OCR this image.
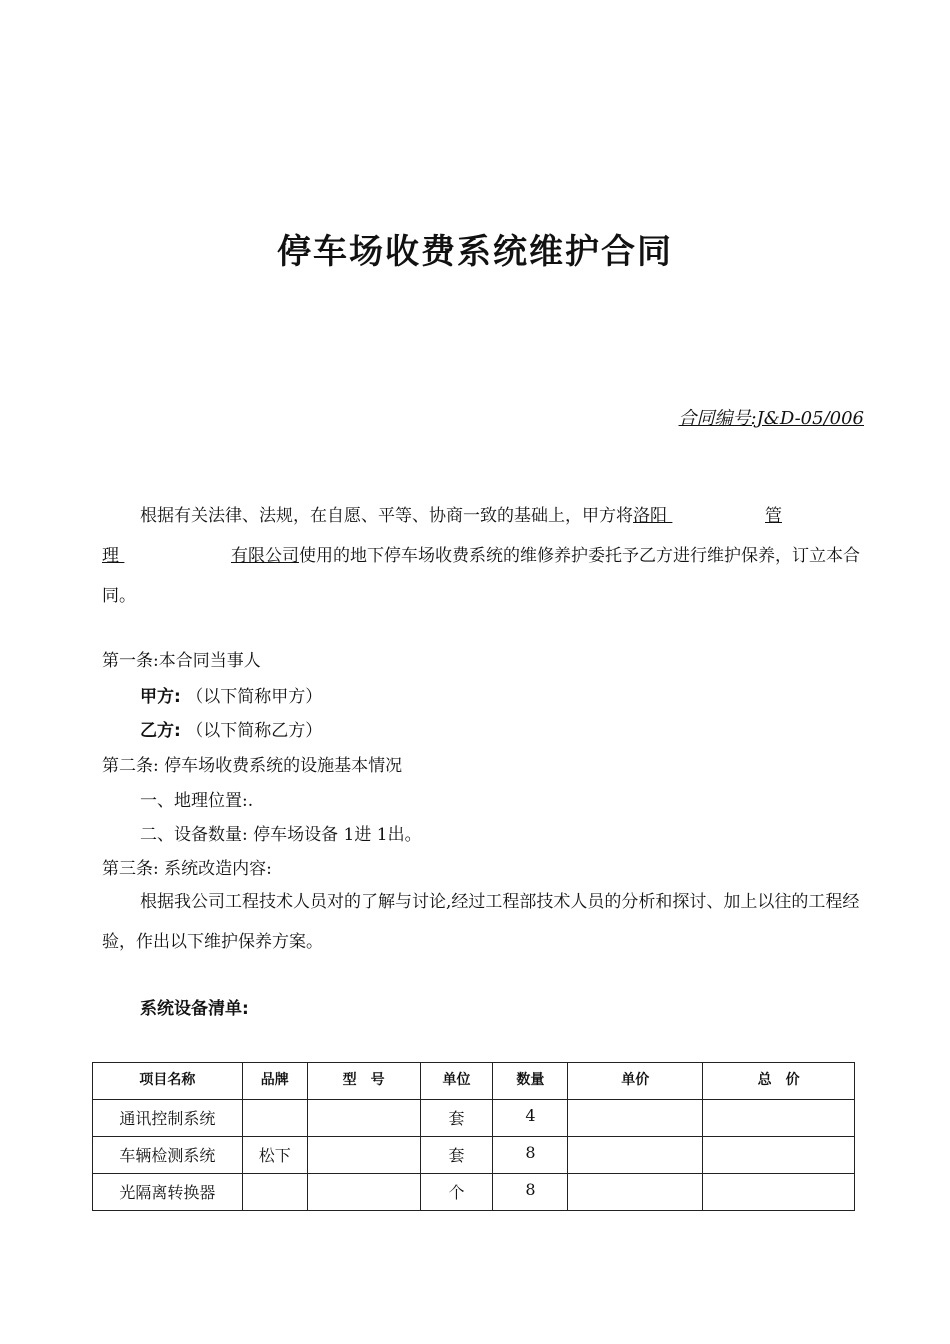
停车场收费系统维护合同
合同编号:J&D-05/006
根据有关法律、法规，在自愿、平等、协商一致的基础上，甲方将洛阳	管
理	有限公司使用的地下停车场收费系统的维修养护委托予乙方进行维护保养，订立本合同。
第一条:本合同当事人
甲方: （以下简称甲方）
乙方: （以下简称乙方）
第二条: 停车场收费系统的设施基本情况
一、地理位置:.
二、设备数量: 停车场设备 1进 1出。
第三条: 系统改造内容:
根据我公司工程技术人员对的了解与讨论,经过工程部技术人员的分析和探讨、加上以往的工程经验，作出以下维护保养方案。
系统设备清单:
项目名称	品牌	型　号	单位	数量	单价	总　价
通讯控制系统			套	4		
车辆检测系统	松下		套	8		
光隔离转换器			个	8		
